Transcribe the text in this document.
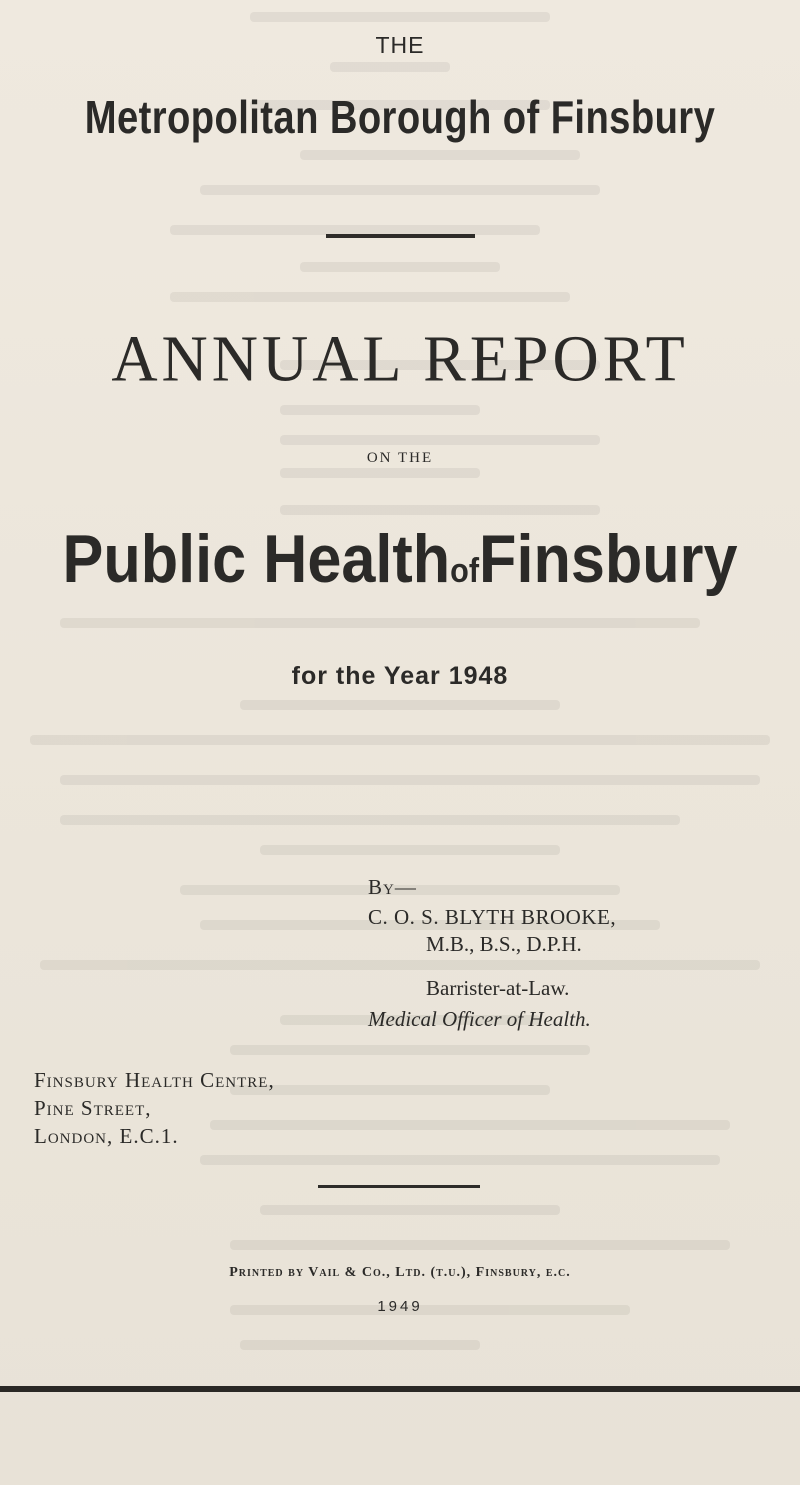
THE
Metropolitan Borough of Finsbury
ANNUAL REPORT
ON THE
Public HealthofFinsbury
for the Year 1948
By—
C. O. S. BLYTH BROOKE,
M.B., B.S., D.P.H.
Barrister-at-Law.
Medical Officer of Health.
Finsbury Health Centre,
Pine Street,
London, E.C.1.
Printed by Vail & Co., Ltd. (t.u.), Finsbury, e.c.
1949
